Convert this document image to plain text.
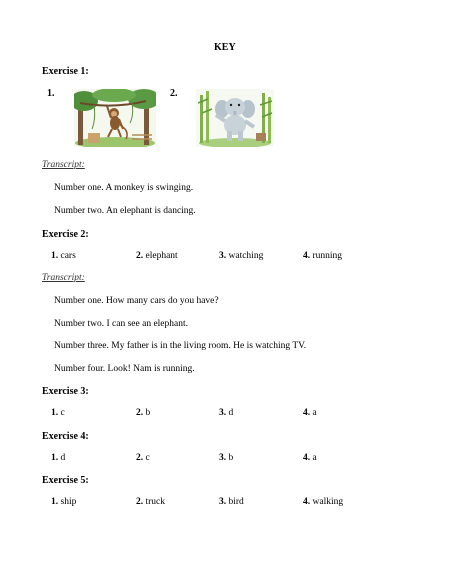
KEY
Exercise 1:
1.	2.
Transcript:
Number one. A monkey is swinging.
Number two. An elephant is dancing.
Exercise 2:
1. cars	2. elephant	3. watching	4. running
Transcript:
Number one. How many cars do you have?
Number two. I can see an elephant.
Number three. My father is in the living room. He is watching TV.
Number four. Look! Nam is running.
Exercise 3:
1. c	2. b	3. d	4. a
Exercise 4:
1. d	2. c	3. b	4. a
Exercise 5:
1. ship	2. truck	3. bird	4. walking
